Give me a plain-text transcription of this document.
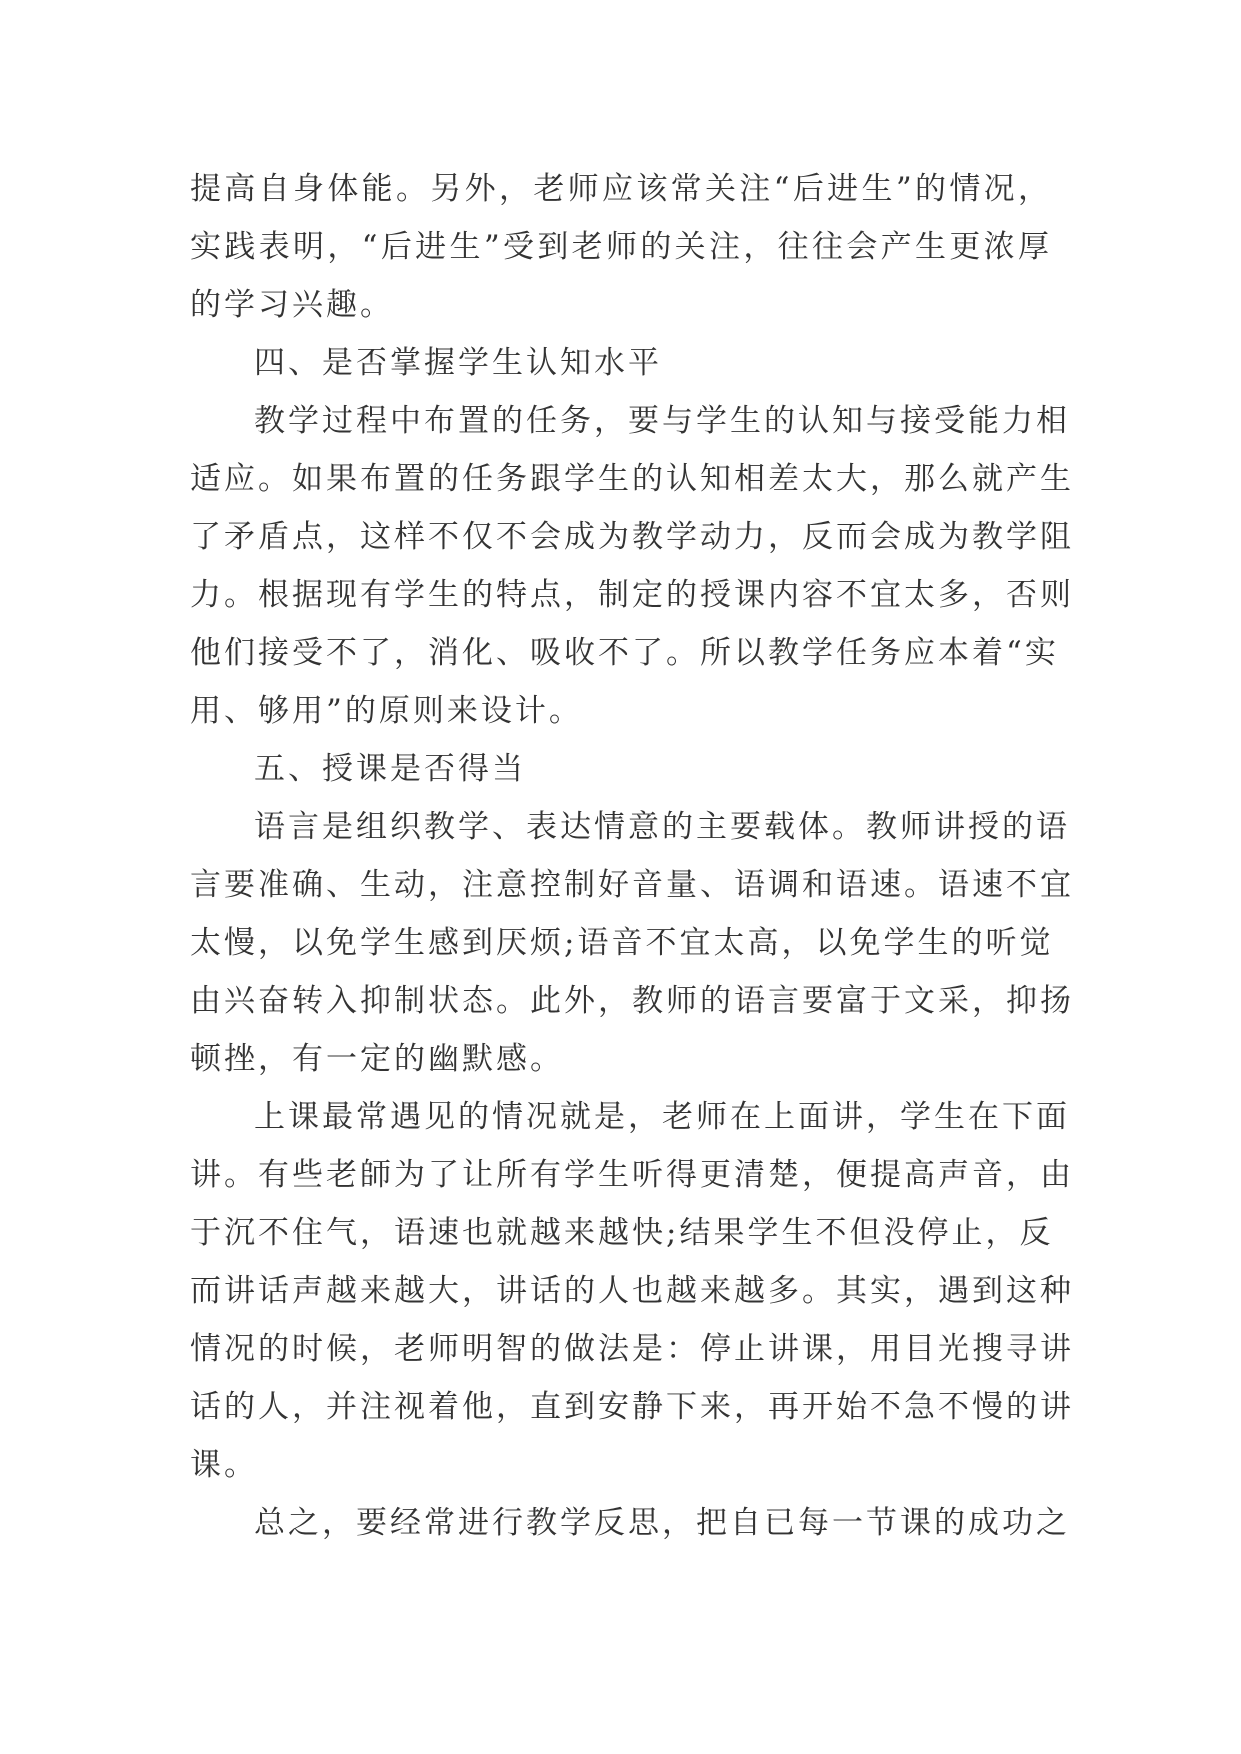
提高自身体能。另外，老师应该常关注“后进生”的情况，
实践表明，“后进生”受到老师的关注，往往会产生更浓厚
的学习兴趣。
四、是否掌握学生认知水平
教学过程中布置的任务，要与学生的认知与接受能力相
适应。如果布置的任务跟学生的认知相差太大，那么就产生
了矛盾点，这样不仅不会成为教学动力，反而会成为教学阻
力。根据现有学生的特点，制定的授课内容不宜太多，否则
他们接受不了，消化、吸收不了。所以教学任务应本着“实
用、够用”的原则来设计。
五、授课是否得当
语言是组织教学、表达情意的主要载体。教师讲授的语
言要准确、生动，注意控制好音量、语调和语速。语速不宜
太慢，以免学生感到厌烦;语音不宜太高，以免学生的听觉
由兴奋转入抑制状态。此外，教师的语言要富于文采，抑扬
顿挫，有一定的幽默感。
上课最常遇见的情况就是，老师在上面讲，学生在下面
讲。有些老師为了让所有学生听得更清楚，便提高声音，由
于沉不住气，语速也就越来越快;结果学生不但没停止，反
而讲话声越来越大，讲话的人也越来越多。其实，遇到这种
情况的时候，老师明智的做法是：停止讲课，用目光搜寻讲
话的人，并注视着他，直到安静下来，再开始不急不慢的讲
课。
总之，要经常进行教学反思，把自已每一节课的成功之
